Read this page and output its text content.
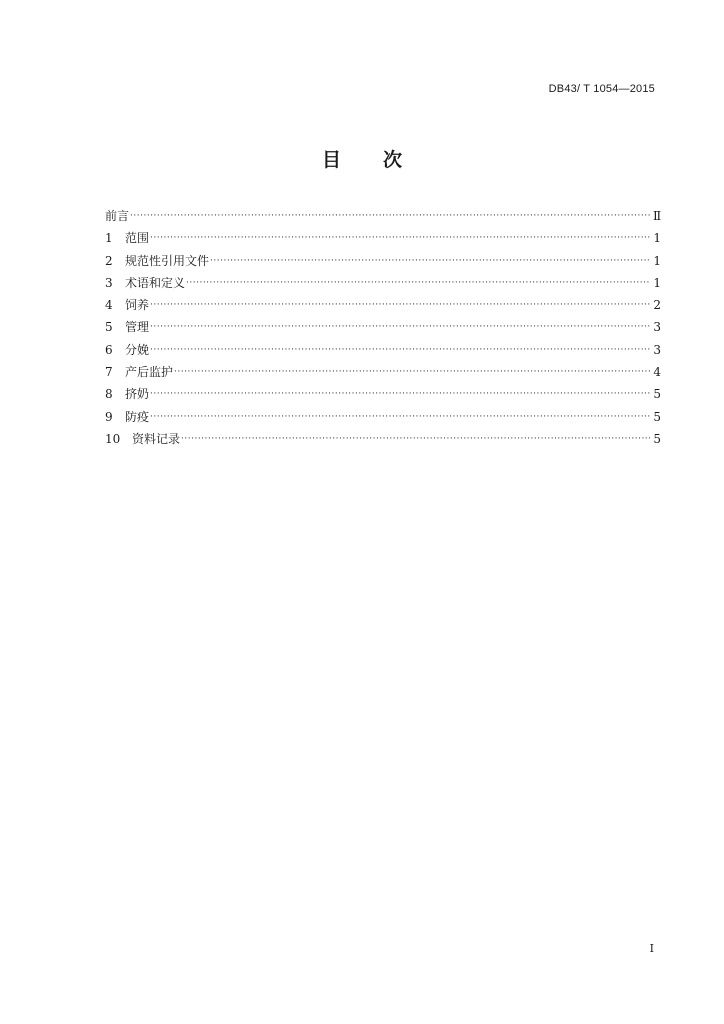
DB43/ T 1054—2015
目 次
前言 ·····	Ⅱ
1	范围 ·····	1
2	规范性引用文件 ·····	1
3	术语和定义 ·····	1
4	饲养 ·····	2
5	管理 ·····	3
6	分娩 ·····	3
7	产后监护 ·····	4
8	挤奶 ·····	5
9	防疫 ·····	5
10 资料记录 ·····	5
I
